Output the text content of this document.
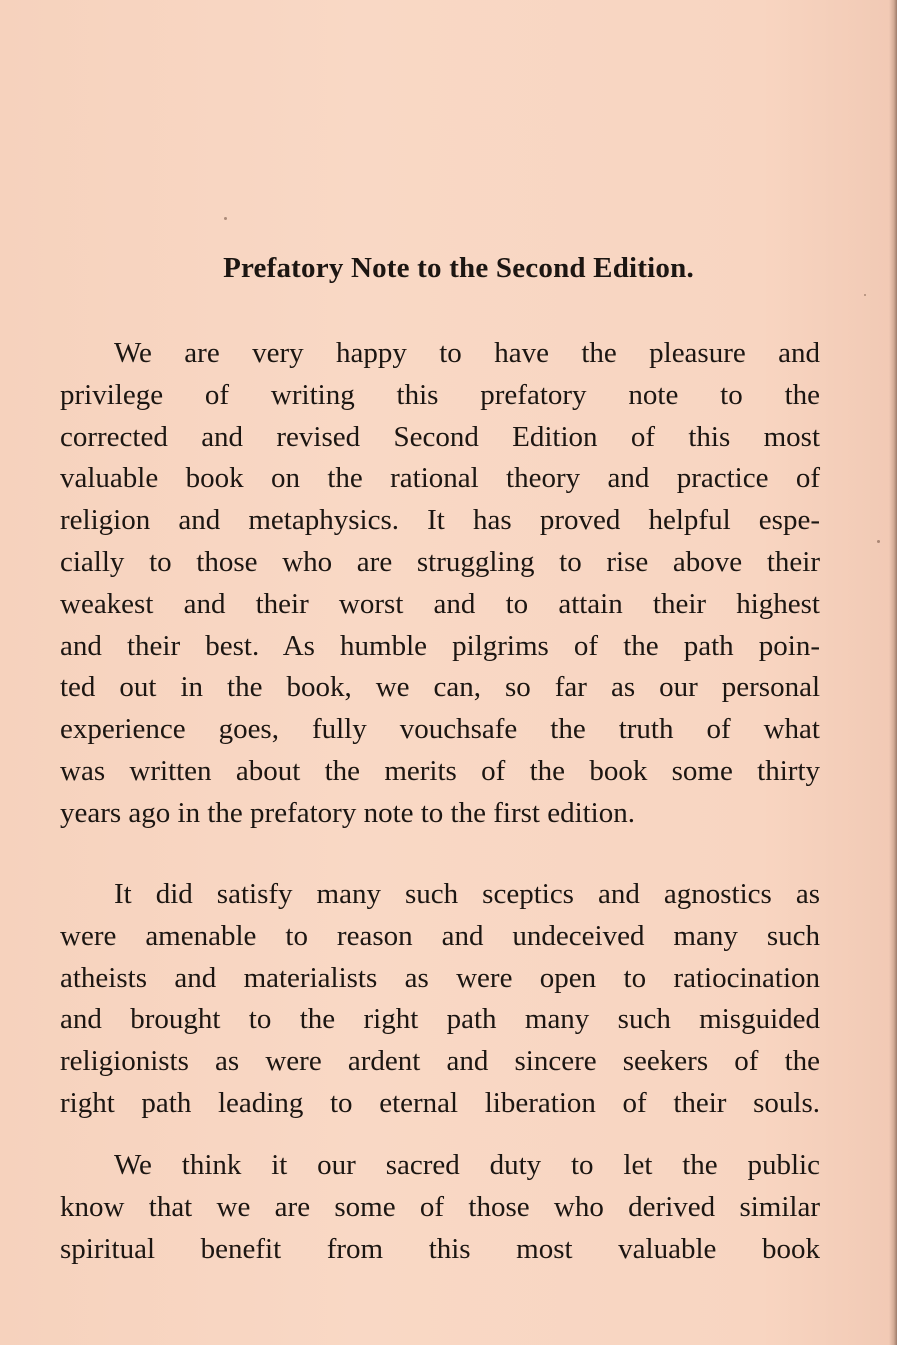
Prefatory Note to the Second Edition.
We are very happy to have the pleasure and
privilege of writing this prefatory note to the
corrected and revised Second Edition of this most
valuable book on the rational theory and practice of
religion and metaphysics. It has proved helpful espe-
cially to those who are struggling to rise above their
weakest and their worst and to attain their highest
and their best. As humble pilgrims of the path poin-
ted out in the book, we can, so far as our personal
experience goes, fully vouchsafe the truth of what
was written about the merits of the book some thirty
years ago in the prefatory note to the first edition.
It did satisfy many such sceptics and agnostics as
were amenable to reason and undeceived many such
atheists and materialists as were open to ratiocination
and brought to the right path many such misguided
religionists as were ardent and sincere seekers of the
right path leading to eternal liberation of their souls.
We think it our sacred duty to let the public
know that we are some of those who derived similar
spiritual benefit from this most valuable book
